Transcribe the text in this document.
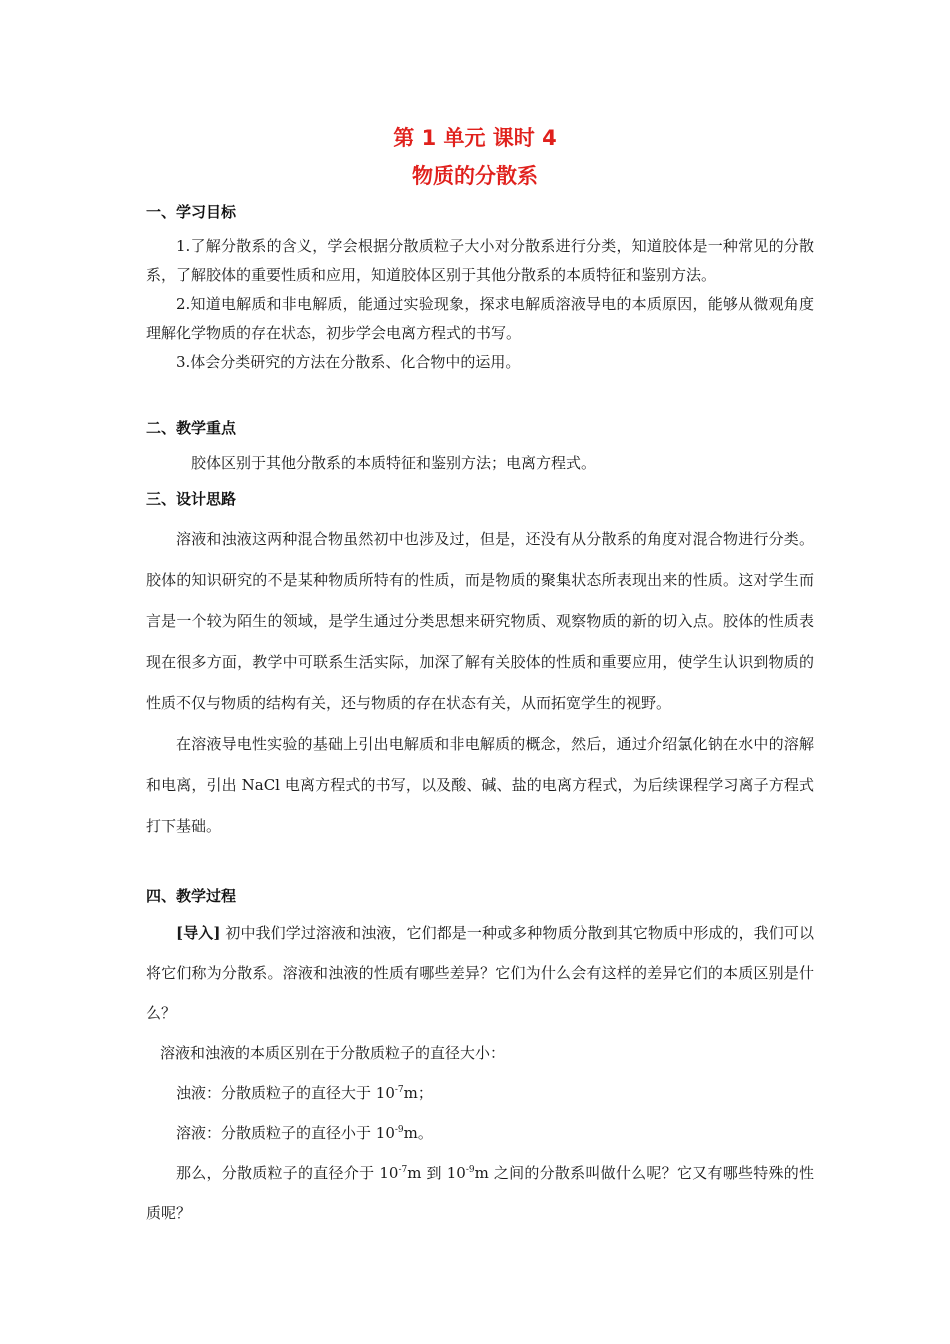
第 1 单元 课时 4
物质的分散系
一、学习目标

1.了解分散系的含义，学会根据分散质粒子大小对分散系进行分类，知道胶体是一种常见的分散系，了解胶体的重要性质和应用，知道胶体区别于其他分散系的本质特征和鉴别方法。

2.知道电解质和非电解质，能通过实验现象，探求电解质溶液导电的本质原因，能够从微观角度理解化学物质的存在状态，初步学会电离方程式的书写。

3.体会分类研究的方法在分散系、化合物中的运用。

二、教学重点
胶体区别于其他分散系的本质特征和鉴别方法；电离方程式。
三、设计思路

溶液和浊液这两种混合物虽然初中也涉及过，但是，还没有从分散系的角度对混合物进行分类。胶体的知识研究的不是某种物质所特有的性质，而是物质的聚集状态所表现出来的性质。这对学生而言是一个较为陌生的领域，是学生通过分类思想来研究物质、观察物质的新的切入点。胶体的性质表现在很多方面，教学中可联系生活实际，加深了解有关胶体的性质和重要应用，使学生认识到物质的性质不仅与物质的结构有关，还与物质的存在状态有关，从而拓宽学生的视野。

在溶液导电性实验的基础上引出电解质和非电解质的概念，然后，通过介绍氯化钠在水中的溶解和电离，引出 NaCl 电离方程式的书写，以及酸、碱、盐的电离方程式，为后续课程学习离子方程式打下基础。

四、教学过程

[导入] 初中我们学过溶液和浊液，它们都是一种或多种物质分散到其它物质中形成的，我们可以将它们称为分散系。溶液和浊液的性质有哪些差异？它们为什么会有这样的差异它们的本质区别是什么？

溶液和浊液的本质区别在于分散质粒子的直径大小：

浊液：分散质粒子的直径大于 $10^{-7}m$；

溶液：分散质粒子的直径小于 $10^{-9}m$。

那么，分散质粒子的直径介于 $10^{-7}m$ 到 $10^{-9}m$ 之间的分散系叫做什么呢？它又有哪些特殊的性质呢？
